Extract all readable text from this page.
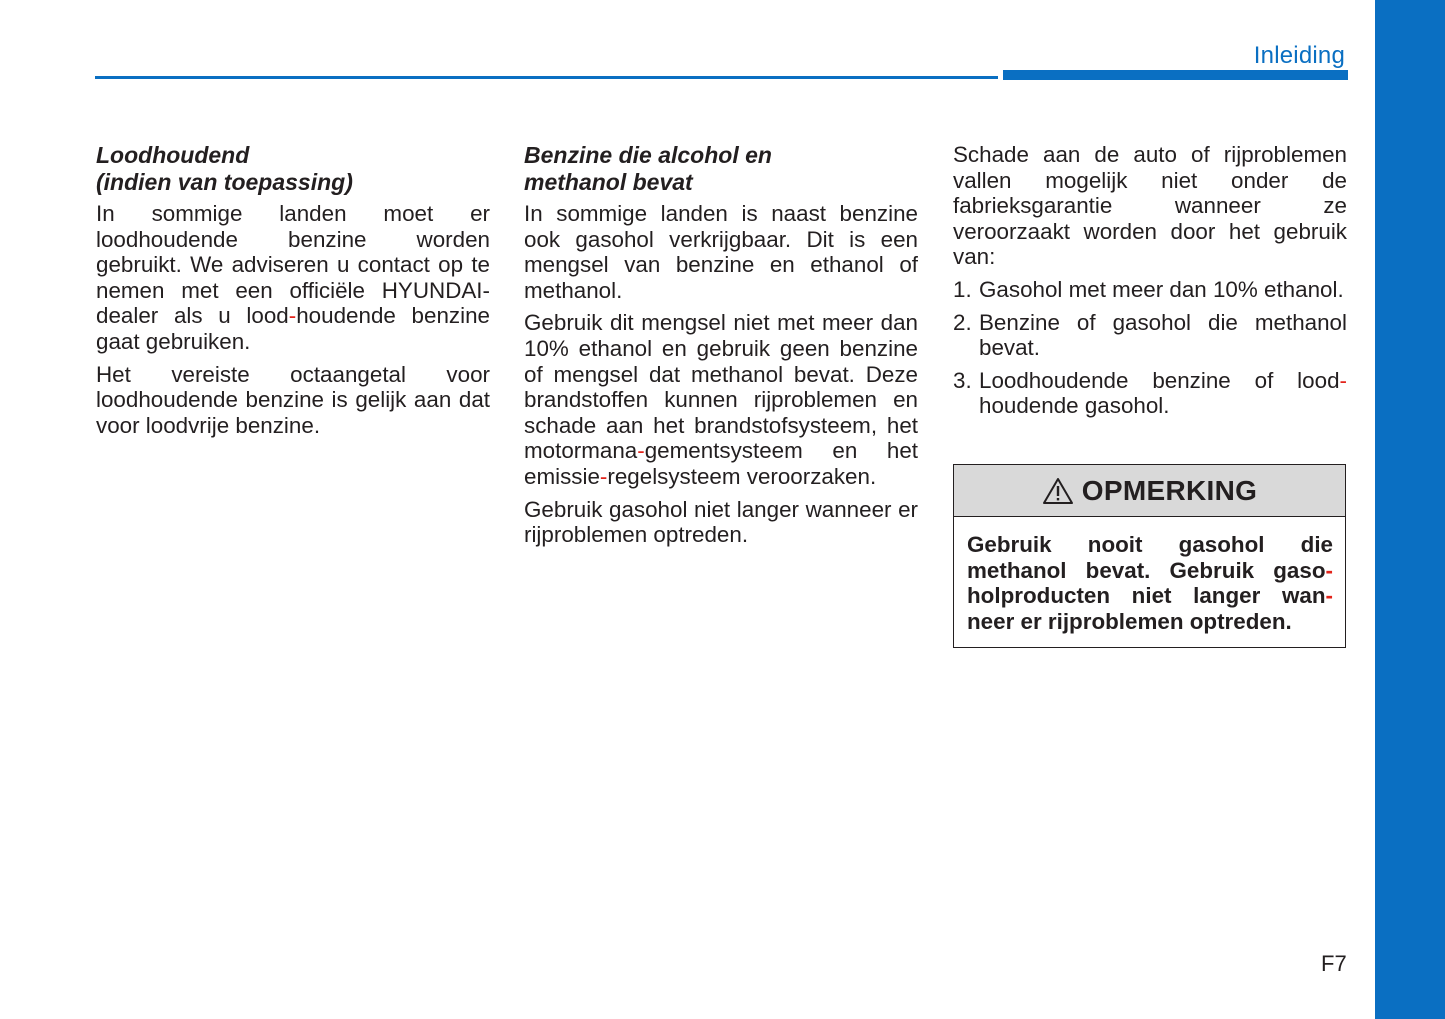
Inleiding
Loodhoudend
(indien van toepassing)

In sommige landen moet er loodhoudende benzine worden gebruikt. We adviseren u contact op te nemen met een officiële HYUNDAI-dealer als u lood-houdende benzine gaat gebruiken.

Het vereiste octaangetal voor loodhoudende benzine is gelijk aan dat voor loodvrije benzine.

Benzine die alcohol en
methanol bevat

In sommige landen is naast benzine ook gasohol verkrijgbaar. Dit is een mengsel van benzine en ethanol of methanol.

Gebruik dit mengsel niet met meer dan 10% ethanol en gebruik geen benzine of mengsel dat methanol bevat. Deze brandstoffen kunnen rijproblemen en schade aan het brandstofsysteem, het motormana-gementsysteem en het emissie-regelsysteem veroorzaken.

Gebruik gasohol niet langer wanneer er rijproblemen optreden.

Schade aan de auto of rijproblemen vallen mogelijk niet onder de fabrieksgarantie wanneer ze veroorzaakt worden door het gebruik van:

1. Gasohol met meer dan 10% ethanol.
2. Benzine of gasohol die methanol bevat.
3. Loodhoudende benzine of lood-houdende gasohol.
OPMERKING
Gebruik nooit gasohol die methanol bevat. Gebruik gaso-holproducten niet langer wan-neer er rijproblemen optreden.
F7
